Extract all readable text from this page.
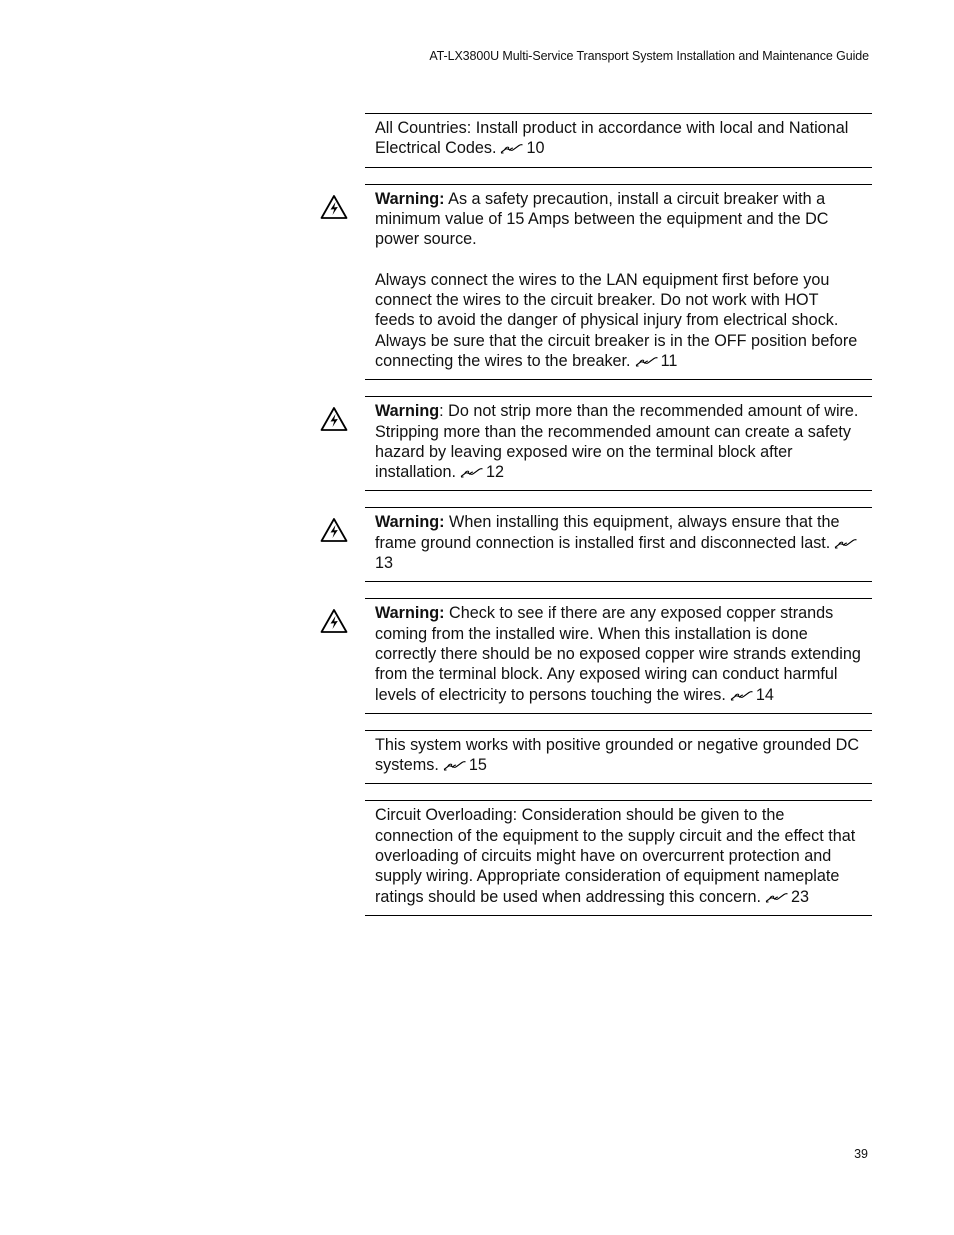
AT-LX3800U Multi-Service Transport System Installation and Maintenance Guide

All Countries: Install product in accordance with local and National Electrical Codes. 10

Warning: As a safety precaution, install a circuit breaker with a minimum value of 15 Amps between the equipment and the DC power source.

Always connect the wires to the LAN equipment first before you connect the wires to the circuit breaker. Do not work with HOT feeds to avoid the danger of physical injury from electrical shock. Always be sure that the circuit breaker is in the OFF position before connecting the wires to the breaker. 11

Warning: Do not strip more than the recommended amount of wire. Stripping more than the recommended amount can create a safety hazard by leaving exposed wire on the terminal block after installation. 12

Warning: When installing this equipment, always ensure that the frame ground connection is installed first and disconnected last.
13

Warning: Check to see if there are any exposed copper strands coming from the installed wire. When this installation is done correctly there should be no exposed copper wire strands extending from the terminal block. Any exposed wiring can conduct harmful levels of electricity to persons touching the wires. 14

This system works with positive grounded or negative grounded DC systems. 15

Circuit Overloading: Consideration should be given to the connection of the equipment to the supply circuit and the effect that overloading of circuits might have on overcurrent protection and supply wiring. Appropriate consideration of equipment nameplate ratings should be used when addressing this concern. 23

39
